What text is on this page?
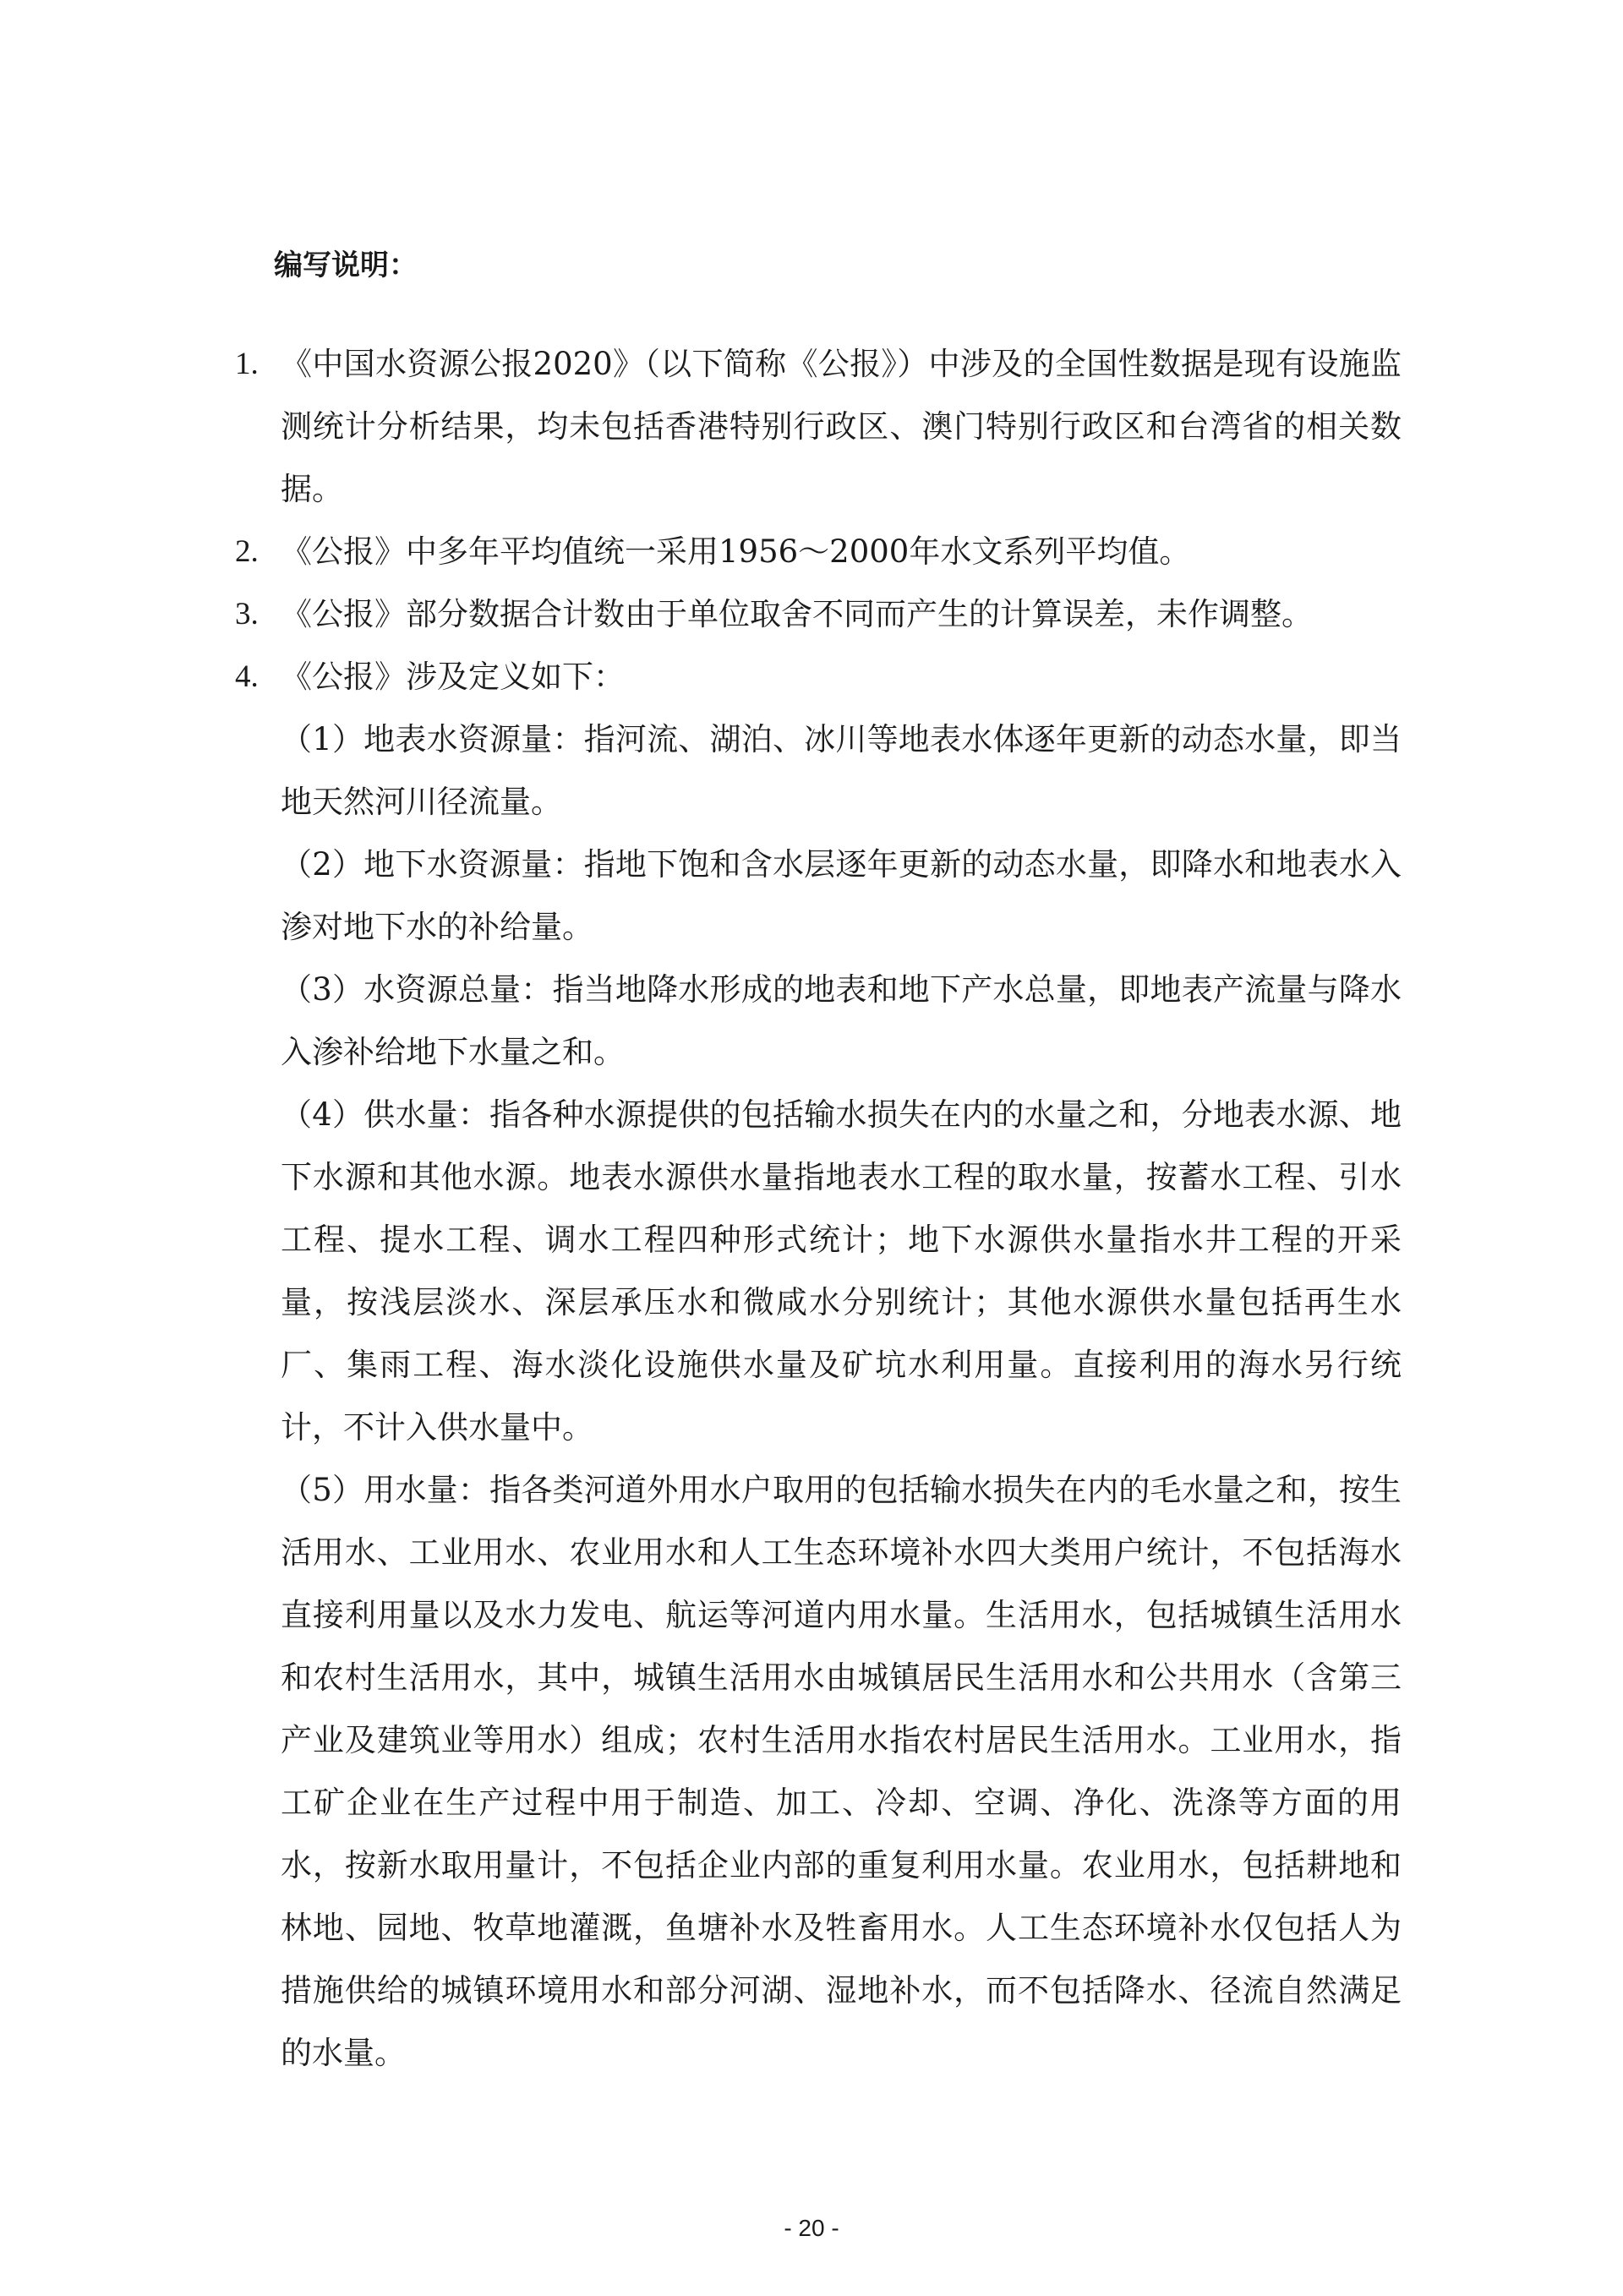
编写说明：
1. 《中国水资源公报2020》（以下简称《公报》）中涉及的全国性数据是现有设施监测统计分析结果，均未包括香港特别行政区、澳门特别行政区和台湾省的相关数据。
2. 《公报》中多年平均值统一采用1956～2000年水文系列平均值。
3. 《公报》部分数据合计数由于单位取舍不同而产生的计算误差，未作调整。
4. 《公报》涉及定义如下：
（1）地表水资源量：指河流、湖泊、冰川等地表水体逐年更新的动态水量，即当地天然河川径流量。
（2）地下水资源量：指地下饱和含水层逐年更新的动态水量，即降水和地表水入渗对地下水的补给量。
（3）水资源总量：指当地降水形成的地表和地下产水总量，即地表产流量与降水入渗补给地下水量之和。
（4）供水量：指各种水源提供的包括输水损失在内的水量之和，分地表水源、地下水源和其他水源。地表水源供水量指地表水工程的取水量，按蓄水工程、引水工程、提水工程、调水工程四种形式统计；地下水源供水量指水井工程的开采量，按浅层淡水、深层承压水和微咸水分别统计；其他水源供水量包括再生水厂、集雨工程、海水淡化设施供水量及矿坑水利用量。直接利用的海水另行统计，不计入供水量中。
（5）用水量：指各类河道外用水户取用的包括输水损失在内的毛水量之和，按生活用水、工业用水、农业用水和人工生态环境补水四大类用户统计，不包括海水直接利用量以及水力发电、航运等河道内用水量。生活用水，包括城镇生活用水和农村生活用水，其中，城镇生活用水由城镇居民生活用水和公共用水（含第三产业及建筑业等用水）组成；农村生活用水指农村居民生活用水。工业用水，指工矿企业在生产过程中用于制造、加工、冷却、空调、净化、洗涤等方面的用水，按新水取用量计，不包括企业内部的重复利用水量。农业用水，包括耕地和林地、园地、牧草地灌溉，鱼塘补水及牲畜用水。人工生态环境补水仅包括人为措施供给的城镇环境用水和部分河湖、湿地补水，而不包括降水、径流自然满足的水量。
- 20 -
